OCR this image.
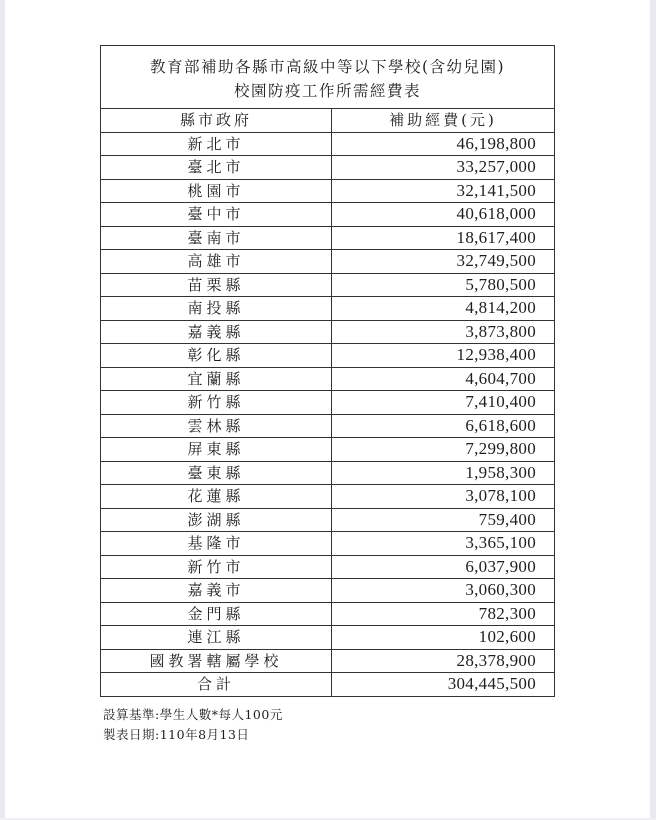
教育部補助各縣市高級中等以下學校(含幼兒園)
校園防疫工作所需經費表	

縣市政府	補助經費(元)
新北市	46,198,800
臺北市	33,257,000
桃園市	32,141,500
臺中市	40,618,000
臺南市	18,617,400
高雄市	32,749,500
苗栗縣	5,780,500
南投縣	4,814,200
嘉義縣	3,873,800
彰化縣	12,938,400
宜蘭縣	4,604,700
新竹縣	7,410,400
雲林縣	6,618,600
屏東縣	7,299,800
臺東縣	1,958,300
花蓮縣	3,078,100
澎湖縣	759,400
基隆市	3,365,100
新竹市	6,037,900
嘉義市	3,060,300
金門縣	782,300
連江縣	102,600
國教署轄屬學校	28,378,900
合計	304,445,500
設算基準:學生人數*每人100元
製表日期:110年8月13日
